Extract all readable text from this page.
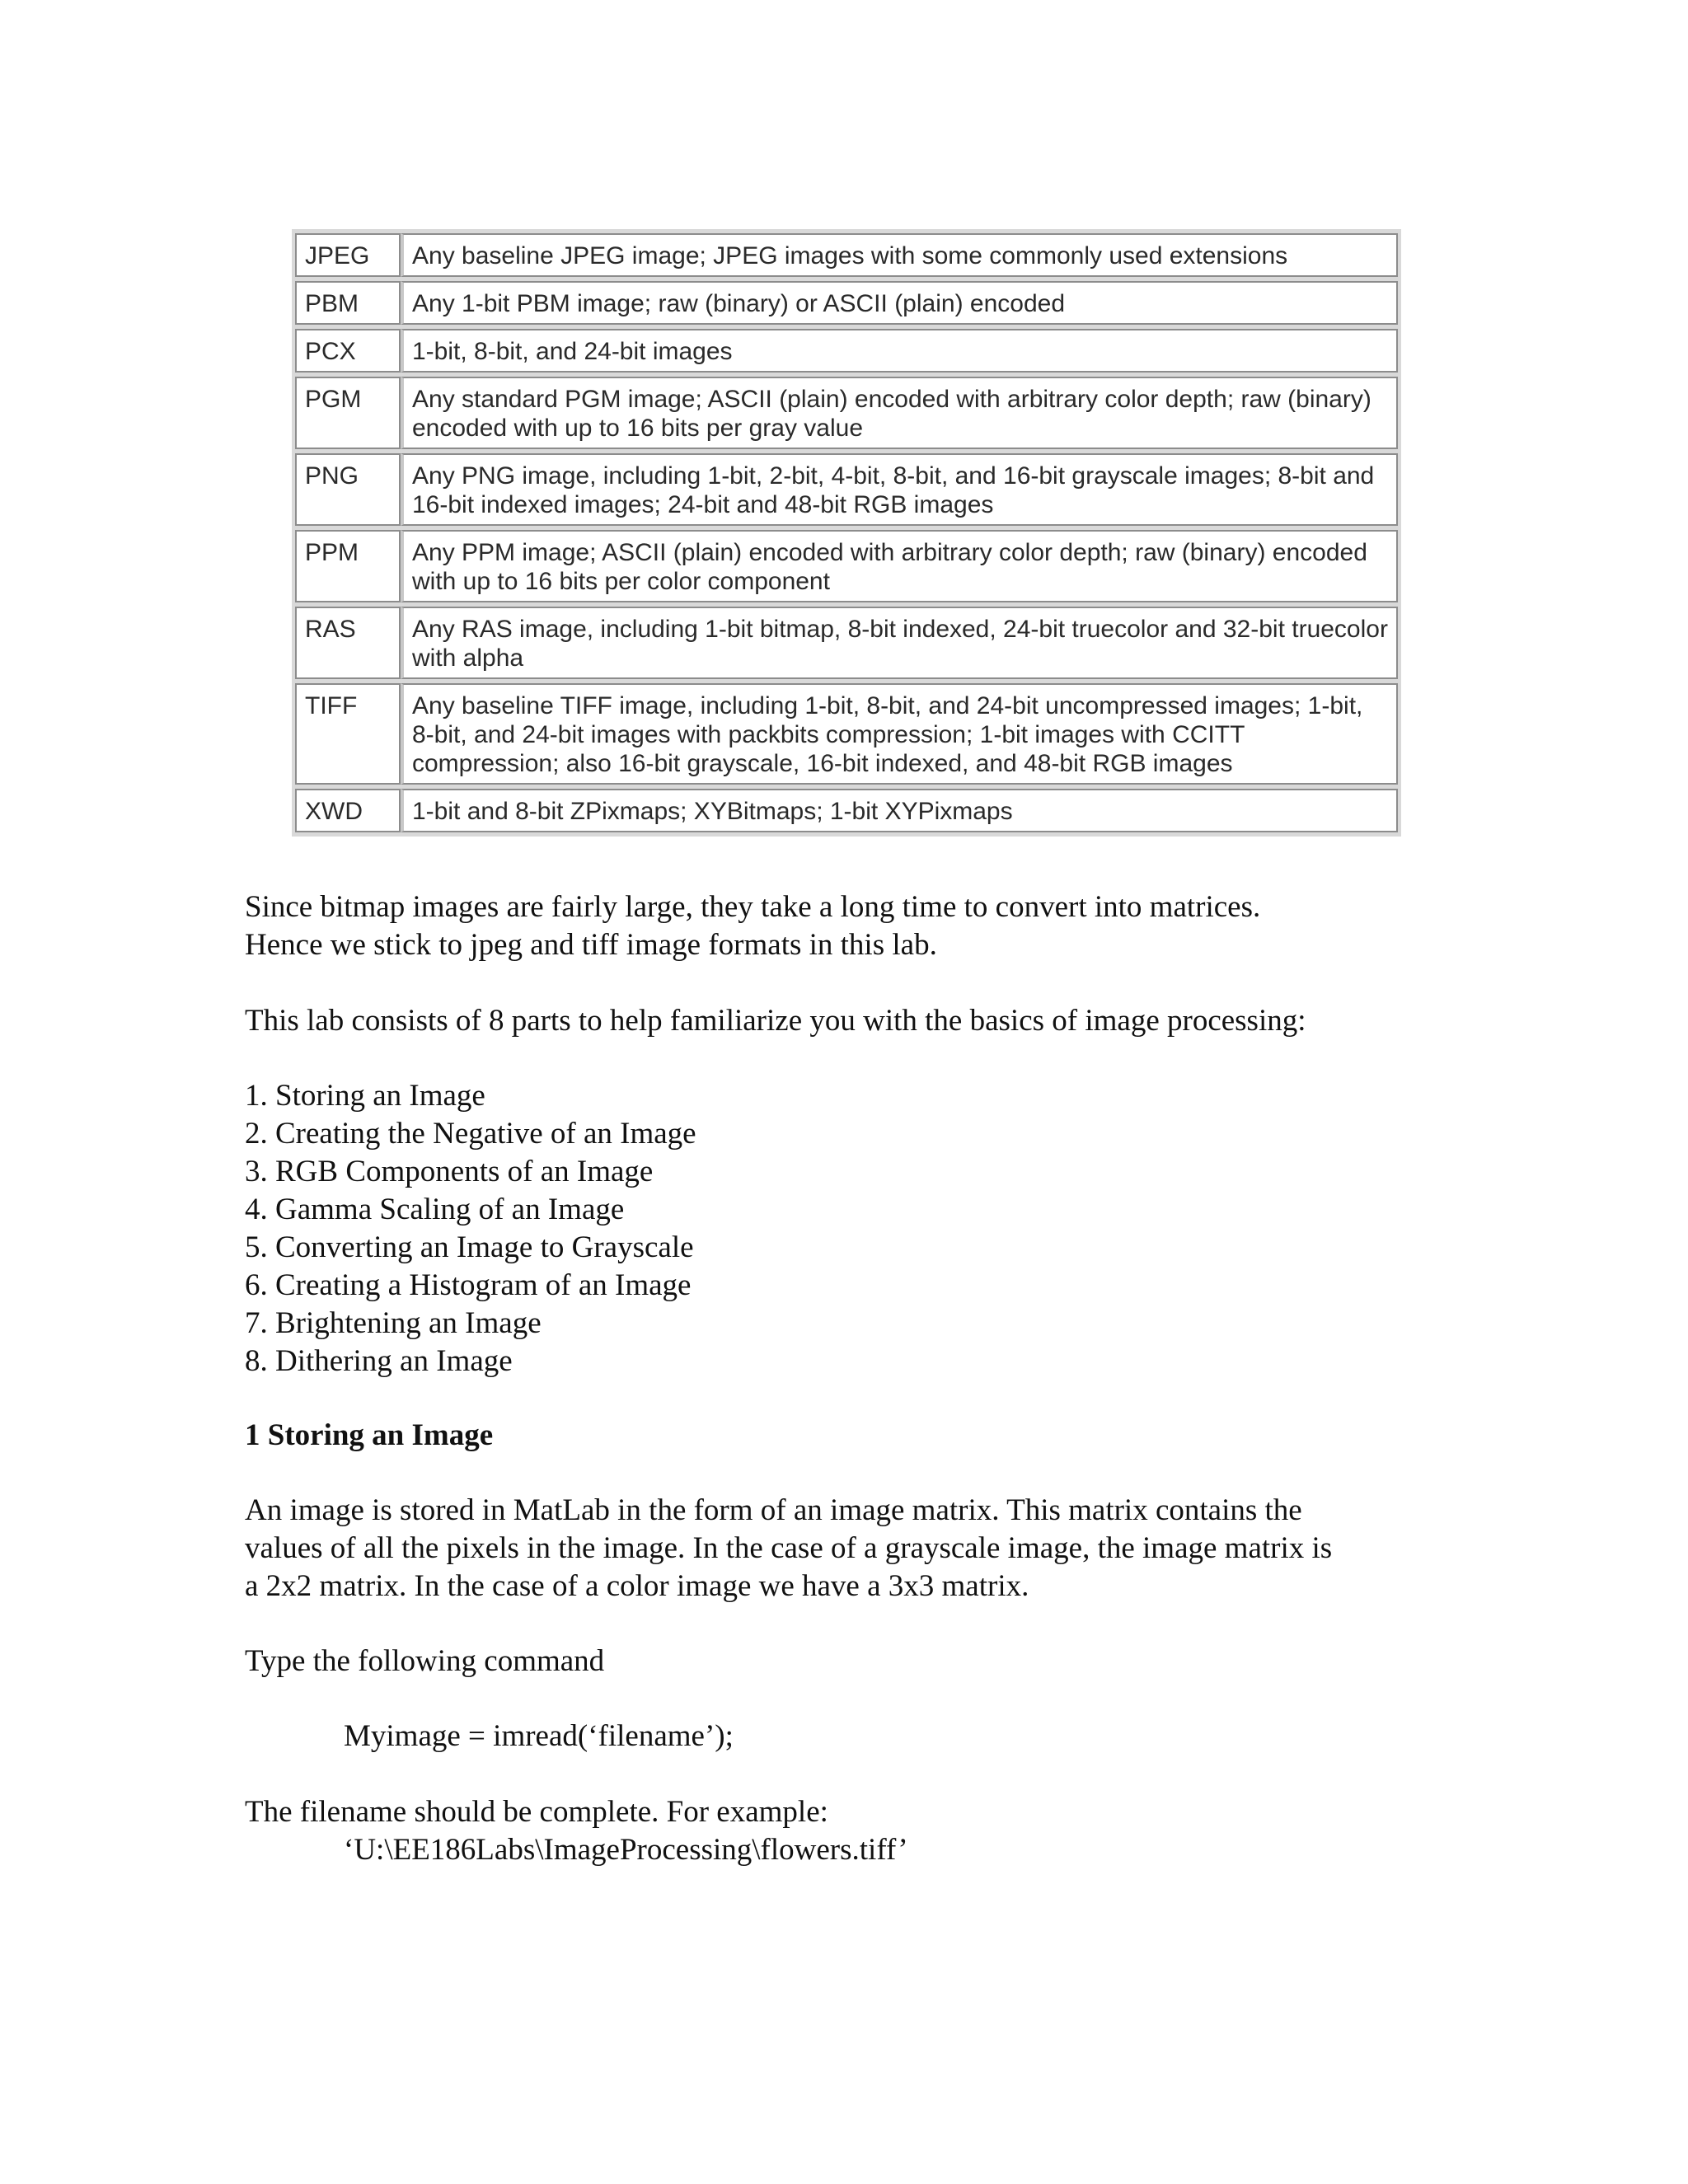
JPEG	Any baseline JPEG image; JPEG images with some commonly used extensions
PBM	Any 1-bit PBM image; raw (binary) or ASCII (plain) encoded
PCX	1-bit, 8-bit, and 24-bit images
PGM	Any standard PGM image; ASCII (plain) encoded with arbitrary color depth; raw (binary) encoded with up to 16 bits per gray value
PNG	Any PNG image, including 1-bit, 2-bit, 4-bit, 8-bit, and 16-bit grayscale images; 8-bit and 16-bit indexed images; 24-bit and 48-bit RGB images
PPM	Any PPM image; ASCII (plain) encoded with arbitrary color depth; raw (binary) encoded with up to 16 bits per color component
RAS	Any RAS image, including 1-bit bitmap, 8-bit indexed, 24-bit truecolor and 32-bit truecolor with alpha
TIFF	Any baseline TIFF image, including 1-bit, 8-bit, and 24-bit uncompressed images; 1-bit, 8-bit, and 24-bit images with packbits compression; 1-bit images with CCITT compression; also 16-bit grayscale, 16-bit indexed, and 48-bit RGB images
XWD	1-bit and 8-bit ZPixmaps; XYBitmaps; 1-bit XYPixmaps

Since bitmap images are fairly large, they take a long time to convert into matrices.

Hence we stick to jpeg and tiff image formats in this lab.

This lab consists of 8 parts to help familiarize you with the basics of image processing:

1. Storing an Image
2. Creating the Negative of an Image
3. RGB Components of an Image
4. Gamma Scaling of an Image
5. Converting an Image to Grayscale
6. Creating a Histogram of an Image
7. Brightening an Image
8. Dithering an Image

1 Storing an Image

An image is stored in MatLab in the form of an image matrix. This matrix contains the

values of all the pixels in the image. In the case of a grayscale image, the image matrix is

a 2x2 matrix. In the case of a color image we have a 3x3 matrix.

Type the following command

Myimage = imread(‘filename’);

The filename should be complete. For example:

‘U:\EE186Labs\ImageProcessing\flowers.tiff’
